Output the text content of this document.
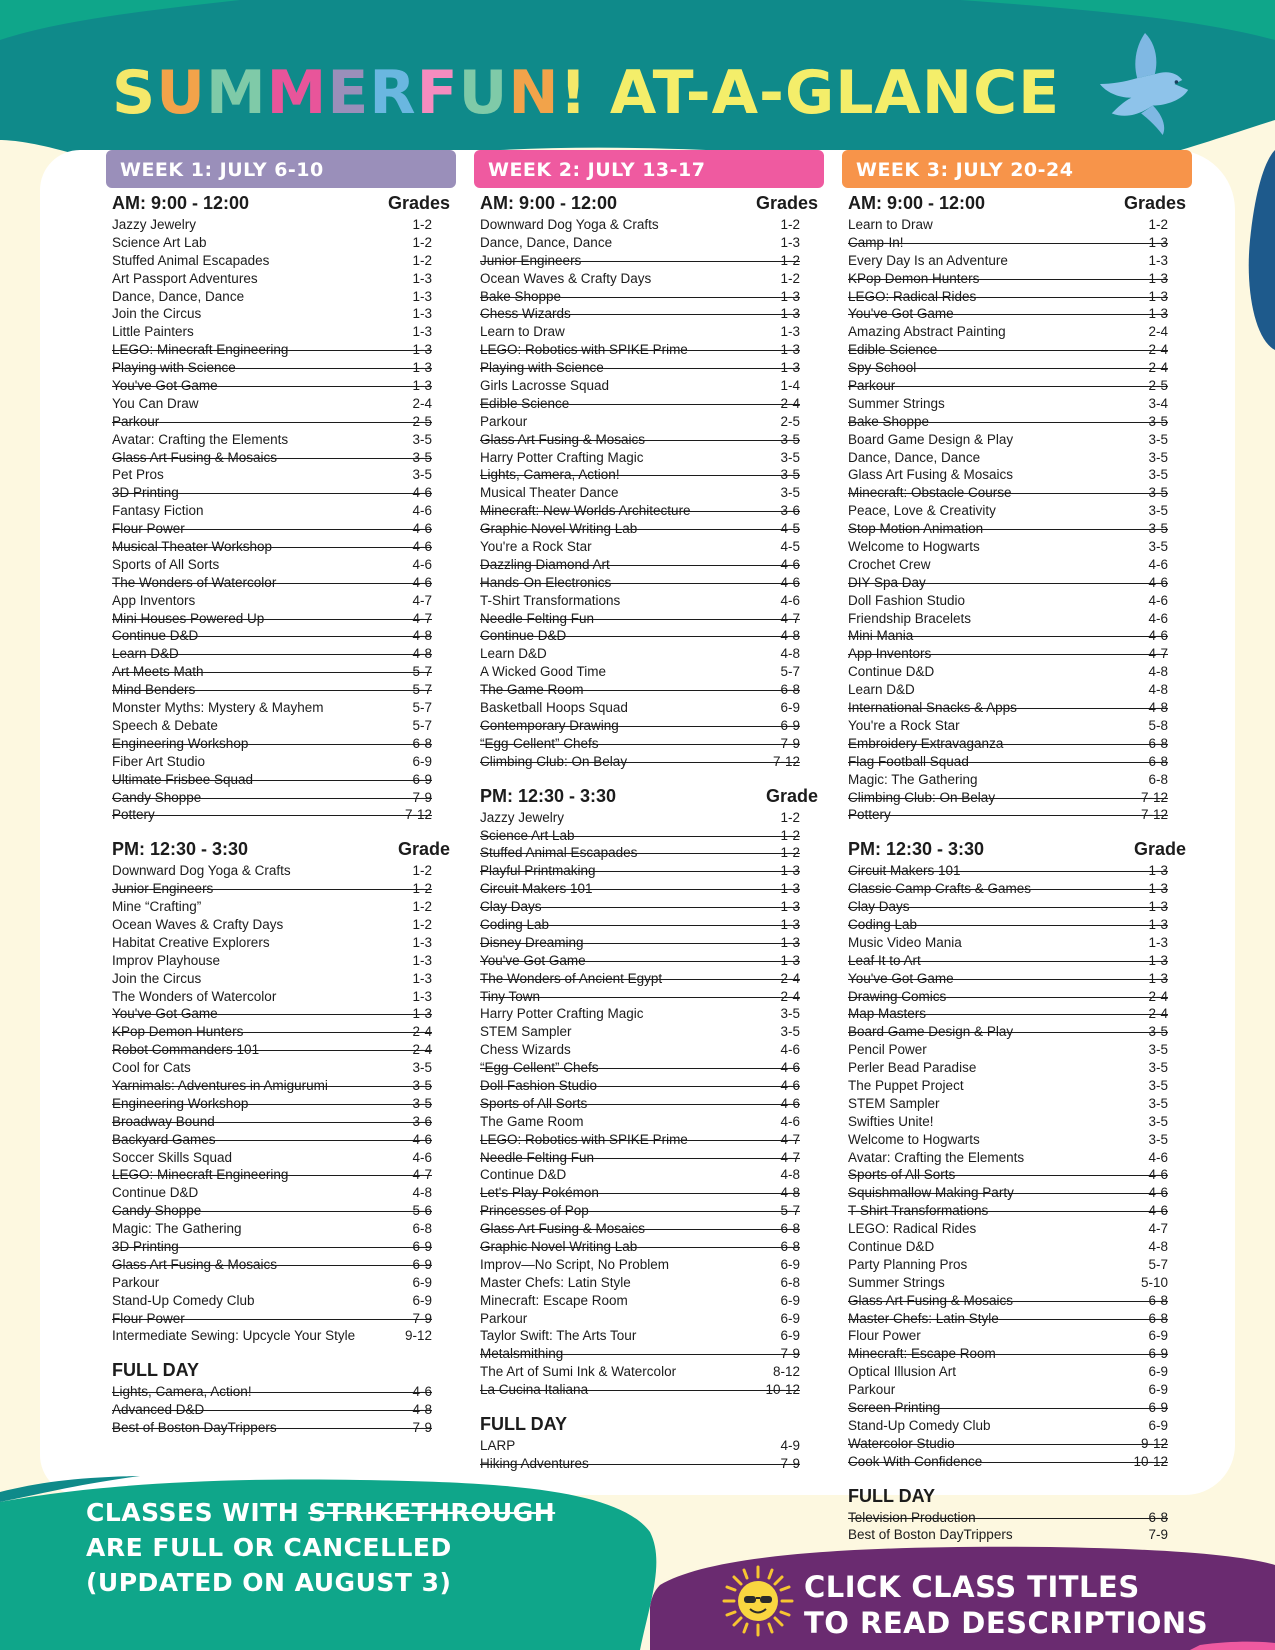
SUMMERFUN! AT-A-GLANCE
WEEK 1: JULY 6-10
AM: 9:00 - 12:00	Grades
Jazzy Jewelry	1-2
Science Art Lab	1-2
Stuffed Animal Escapades	1-2
Art Passport Adventures	1-3
Dance, Dance, Dance	1-3
Join the Circus	1-3
Little Painters	1-3
LEGO: Minecraft Engineering	1-3
Playing with Science	1-3
You've Got Game	1-3
You Can Draw	2-4
Parkour	2-5
Avatar: Crafting the Elements	3-5
Glass Art Fusing & Mosaics	3-5
Pet Pros	3-5
3D Printing	4-6
Fantasy Fiction	4-6
Flour Power	4-6
Musical Theater Workshop	4-6
Sports of All Sorts	4-6
The Wonders of Watercolor	4-6
App Inventors	4-7
Mini Houses Powered Up	4-7
Continue D&D	4-8
Learn D&D	4-8
Art Meets Math	5-7
Mind Benders	5-7
Monster Myths: Mystery & Mayhem	5-7
Speech & Debate	5-7
Engineering Workshop	6-8
Fiber Art Studio	6-9
Ultimate Frisbee Squad	6-9
Candy Shoppe	7-9
Pottery	7-12
PM: 12:30 - 3:30	Grade
Downward Dog Yoga & Crafts	1-2
Junior Engineers	1-2
Mine “Crafting”	1-2
Ocean Waves & Crafty Days	1-2
Habitat Creative Explorers	1-3
Improv Playhouse	1-3
Join the Circus	1-3
The Wonders of Watercolor	1-3
You've Got Game	1-3
KPop Demon Hunters	2-4
Robot Commanders 101	2-4
Cool for Cats	3-5
Yarnimals: Adventures in Amigurumi	3-5
Engineering Workshop	3-5
Broadway Bound	3-6
Backyard Games	4-6
Soccer Skills Squad	4-6
LEGO: Minecraft Engineering	4-7
Continue D&D	4-8
Candy Shoppe	5-6
Magic: The Gathering	6-8
3D Printing	6-9
Glass Art Fusing & Mosaics	6-9
Parkour	6-9
Stand-Up Comedy Club	6-9
Flour Power	7-9
Intermediate Sewing: Upcycle Your Style	9-12
FULL DAY
Lights, Camera, Action!	4-6
Advanced D&D	4-8
Best of Boston DayTrippers	7-9
WEEK 2: JULY 13-17
AM: 9:00 - 12:00	Grades
Downward Dog Yoga & Crafts	1-2
Dance, Dance, Dance	1-3
Junior Engineers	1-2
Ocean Waves & Crafty Days	1-2
Bake Shoppe	1-3
Chess Wizards	1-3
Learn to Draw	1-3
LEGO: Robotics with SPIKE Prime	1-3
Playing with Science	1-3
Girls Lacrosse Squad	1-4
Edible Science	2-4
Parkour	2-5
Glass Art Fusing & Mosaics	3-5
Harry Potter Crafting Magic	3-5
Lights, Camera, Action!	3-5
Musical Theater Dance	3-5
Minecraft: New Worlds Architecture	3-6
Graphic Novel Writing Lab	4-5
You're a Rock Star	4-5
Dazzling Diamond Art	4-6
Hands-On Electronics	4-6
T-Shirt Transformations	4-6
Needle Felting Fun	4-7
Continue D&D	4-8
Learn D&D	4-8
A Wicked Good Time	5-7
The Game Room	6-8
Basketball Hoops Squad	6-9
Contemporary Drawing	6-9
“Egg-Cellent” Chefs	7-9
Climbing Club: On Belay	7-12
PM: 12:30 - 3:30	Grade
Jazzy Jewelry	1-2
Science Art Lab	1-2
Stuffed Animal Escapades	1-2
Playful Printmaking	1-3
Circuit Makers 101	1-3
Clay Days	1-3
Coding Lab	1-3
Disney Dreaming	1-3
You've Got Game	1-3
The Wonders of Ancient Egypt	2-4
Tiny Town	2-4
Harry Potter Crafting Magic	3-5
STEM Sampler	3-5
Chess Wizards	4-6
“Egg-Cellent” Chefs	4-6
Doll Fashion Studio	4-6
Sports of All Sorts	4-6
The Game Room	4-6
LEGO: Robotics with SPIKE Prime	4-7
Needle Felting Fun	4-7
Continue D&D	4-8
Let's Play Pokémon	4-8
Princesses of Pop	5-7
Glass Art Fusing & Mosaics	6-8
Graphic Novel Writing Lab	6-8
Improv—No Script, No Problem	6-9
Master Chefs: Latin Style	6-8
Minecraft: Escape Room	6-9
Parkour	6-9
Taylor Swift: The Arts Tour	6-9
Metalsmithing	7-9
The Art of Sumi Ink & Watercolor	8-12
La Cucina Italiana	10-12
FULL DAY
LARP	4-9
Hiking Adventures	7-9
WEEK 3: JULY 20-24
AM: 9:00 - 12:00	Grades
Learn to Draw	1-2
Camp-In!	1-3
Every Day Is an Adventure	1-3
KPop Demon Hunters	1-3
LEGO: Radical Rides	1-3
You've Got Game	1-3
Amazing Abstract Painting	2-4
Edible Science	2-4
Spy School	2-4
Parkour	2-5
Summer Strings	3-4
Bake Shoppe	3-5
Board Game Design & Play	3-5
Dance, Dance, Dance	3-5
Glass Art Fusing & Mosaics	3-5
Minecraft: Obstacle Course	3-5
Peace, Love & Creativity	3-5
Stop Motion Animation	3-5
Welcome to Hogwarts	3-5
Crochet Crew	4-6
DIY Spa Day	4-6
Doll Fashion Studio	4-6
Friendship Bracelets	4-6
Mini Mania	4-6
App Inventors	4-7
Continue D&D	4-8
Learn D&D	4-8
International Snacks & Apps	4-8
You're a Rock Star	5-8
Embroidery Extravaganza	6-8
Flag Football Squad	6-8
Magic: The Gathering	6-8
Climbing Club: On Belay	7-12
Pottery	7-12
PM: 12:30 - 3:30	Grade
Circuit Makers 101	1-3
Classic Camp Crafts & Games	1-3
Clay Days	1-3
Coding Lab	1-3
Music Video Mania	1-3
Leaf It to Art	1-3
You've Got Game	1-3
Drawing Comics	2-4
Map Masters	2-4
Board Game Design & Play	3-5
Pencil Power	3-5
Perler Bead Paradise	3-5
The Puppet Project	3-5
STEM Sampler	3-5
Swifties Unite!	3-5
Welcome to Hogwarts	3-5
Avatar: Crafting the Elements	4-6
Sports of All Sorts	4-6
Squishmallow Making Party	4-6
T-Shirt Transformations	4-6
LEGO: Radical Rides	4-7
Continue D&D	4-8
Party Planning Pros	5-7
Summer Strings	5-10
Glass Art Fusing & Mosaics	6-8
Master Chefs: Latin Style	6-8
Flour Power	6-9
Minecraft: Escape Room	6-9
Optical Illusion Art	6-9
Parkour	6-9
Screen Printing	6-9
Stand-Up Comedy Club	6-9
Watercolor Studio	9-12
Cook With Confidence	10-12
FULL DAY
Television Production	6-8
Best of Boston DayTrippers	7-9

CLASSES WITH STRIKETHROUGH
ARE FULL OR CANCELLED
(UPDATED ON AUGUST 3)	CLICK CLASS TITLES
TO READ DESCRIPTIONS
